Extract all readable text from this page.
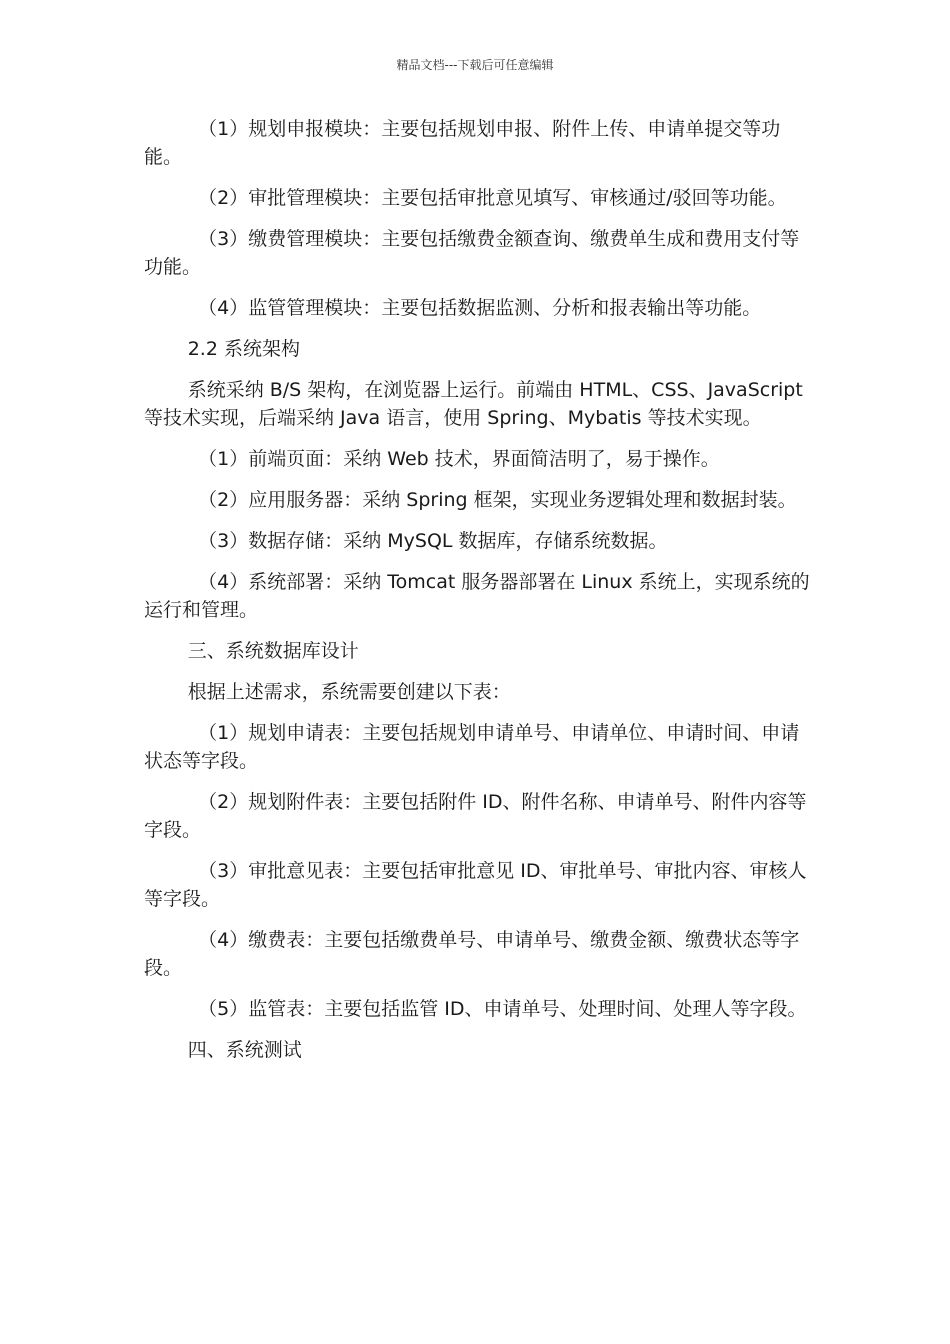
精品文档---下载后可任意编辑

（1）规划申报模块：主要包括规划申报、附件上传、申请单提交等功能。

（2）审批管理模块：主要包括审批意见填写、审核通过/驳回等功能。

（3）缴费管理模块：主要包括缴费金额查询、缴费单生成和费用支付等功能。

（4）监管管理模块：主要包括数据监测、分析和报表输出等功能。

2.2 系统架构

系统采纳 B/S 架构，在浏览器上运行。前端由 HTML、CSS、JavaScript 等技术实现，后端采纳 Java 语言，使用 Spring、Mybatis 等技术实现。

（1）前端页面：采纳 Web 技术，界面简洁明了，易于操作。

（2）应用服务器：采纳 Spring 框架，实现业务逻辑处理和数据封装。

（3）数据存储：采纳 MySQL 数据库，存储系统数据。

（4）系统部署：采纳 Tomcat 服务器部署在 Linux 系统上，实现系统的运行和管理。

三、系统数据库设计

根据上述需求，系统需要创建以下表：

（1）规划申请表：主要包括规划申请单号、申请单位、申请时间、申请状态等字段。

（2）规划附件表：主要包括附件 ID、附件名称、申请单号、附件内容等字段。

（3）审批意见表：主要包括审批意见 ID、审批单号、审批内容、审核人等字段。

（4）缴费表：主要包括缴费单号、申请单号、缴费金额、缴费状态等字段。

（5）监管表：主要包括监管 ID、申请单号、处理时间、处理人等字段。

四、系统测试
